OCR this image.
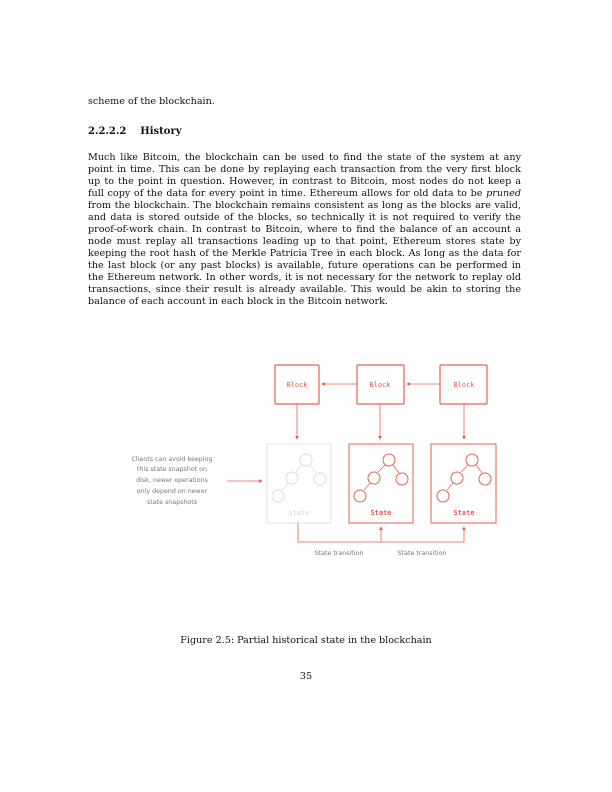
scheme of the blockchain.
2.2.2.2 History
Much like Bitcoin, the blockchain can be used to find the state of the system at any point in time. This can be done by replaying each transaction from the very first block up to the point in question. However, in contrast to Bitcoin, most nodes do not keep a full copy of the data for every point in time. Ethereum allows for old data to be pruned from the blockchain. The blockchain remains consistent as long as the blocks are valid, and data is stored outside of the blocks, so technically it is not required to verify the proof-of-work chain. In contrast to Bitcoin, where to find the balance of an account a node must replay all transactions leading up to that point, Ethereum stores state by keeping the root hash of the Merkle Patricia Tree in each block. As long as the data for the last block (or any past blocks) is available, future operations can be performed in the Ethereum network. In other words, it is not necessary for the network to replay old transactions, since their result is already available. This would be akin to storing the balance of each account in each block in the Bitcoin network.
Block	Block	Block
State	State	State
Clients can avoid keeping
this state snapshot on
disk, newer operations
only depend on newer
state snapshots
State transition	State transition
Figure 2.5: Partial historical state in the blockchain
35
